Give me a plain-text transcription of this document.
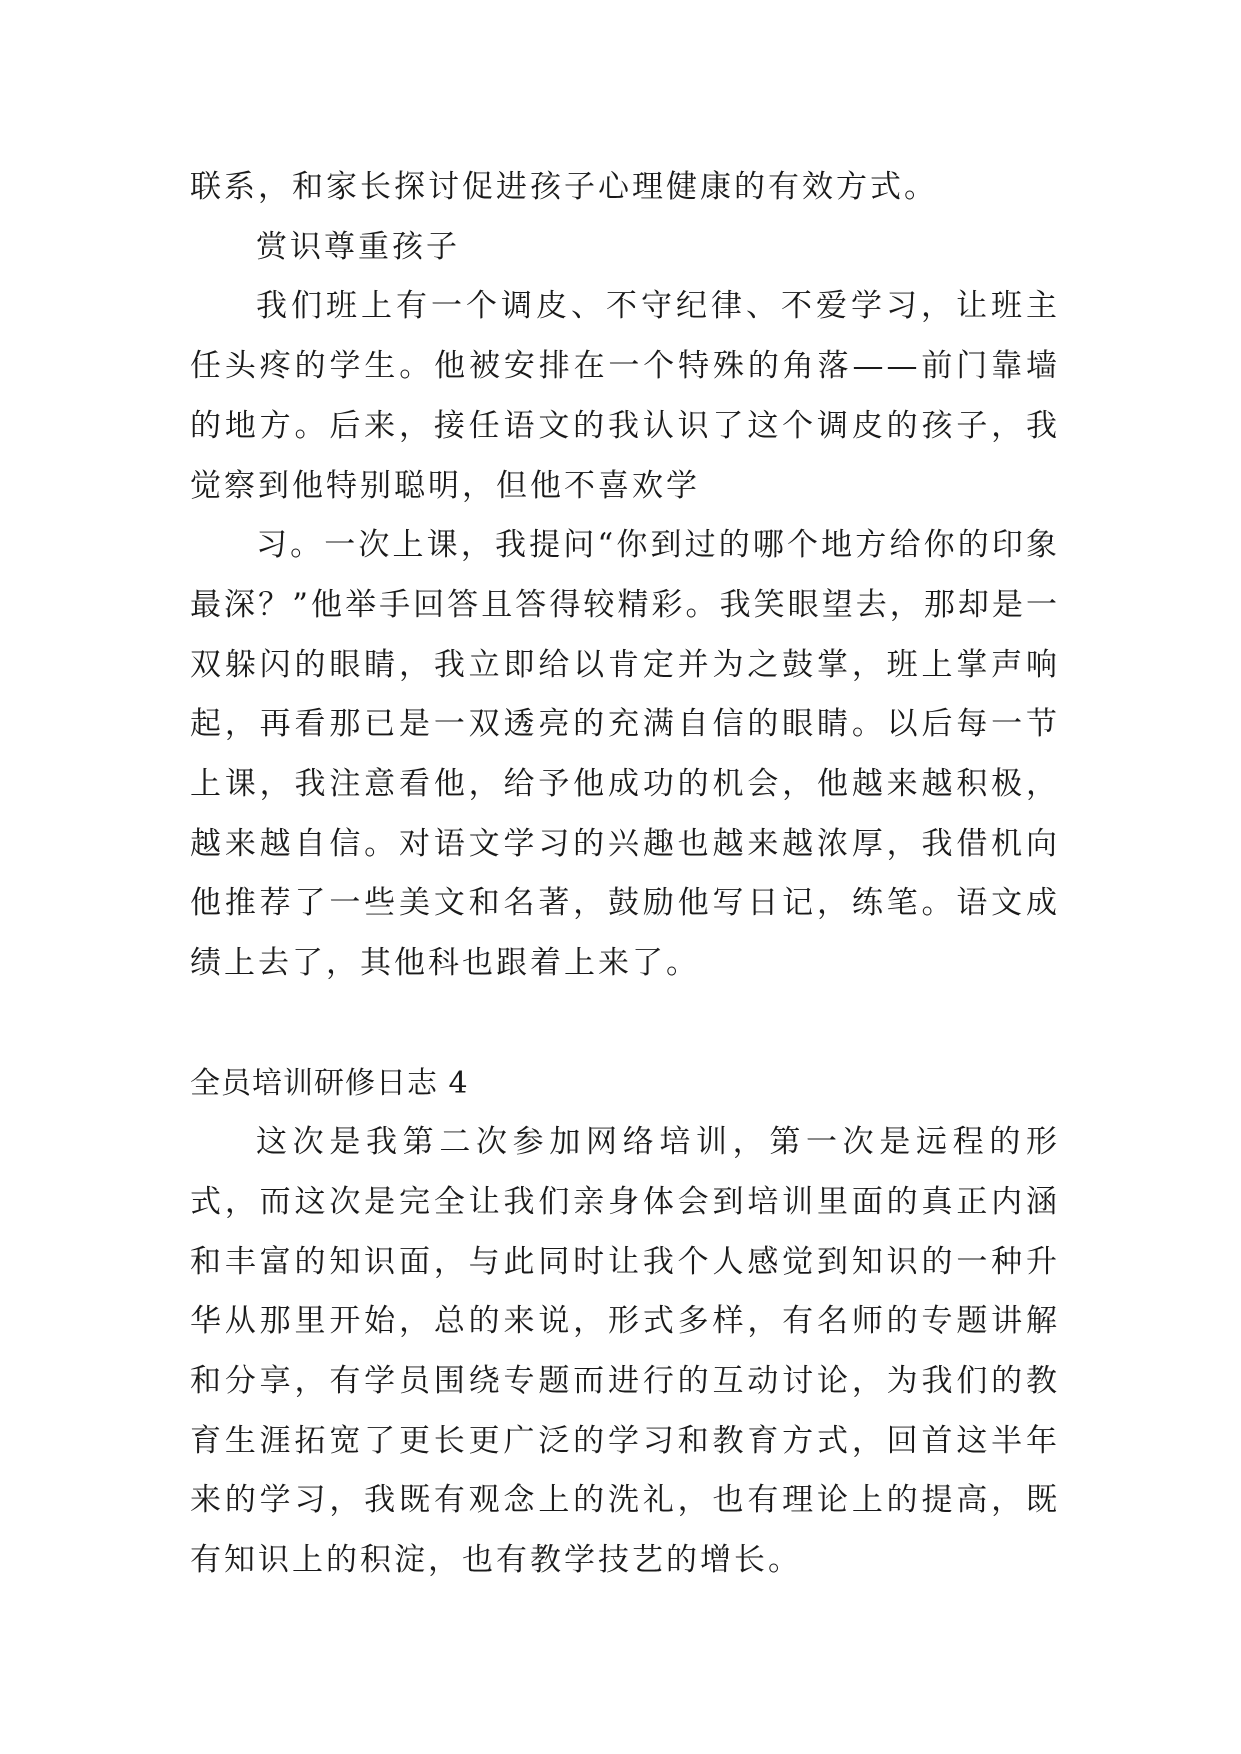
联系，和家长探讨促进孩子心理健康的有效方式。

赏识尊重孩子

我们班上有一个调皮、不守纪律、不爱学习，让班主任头疼的学生。他被安排在一个特殊的角落——前门靠墙的地方。后来，接任语文的我认识了这个调皮的孩子，我觉察到他特别聪明，但他不喜欢学

习。一次上课，我提问“你到过的哪个地方给你的印象最深？”他举手回答且答得较精彩。我笑眼望去，那却是一双躲闪的眼睛，我立即给以肯定并为之鼓掌，班上掌声响起，再看那已是一双透亮的充满自信的眼睛。以后每一节上课，我注意看他，给予他成功的机会，他越来越积极，越来越自信。对语文学习的兴趣也越来越浓厚，我借机向他推荐了一些美文和名著，鼓励他写日记，练笔。语文成绩上去了，其他科也跟着上来了。

全员培训研修日志 4

这次是我第二次参加网络培训，第一次是远程的形式，而这次是完全让我们亲身体会到培训里面的真正内涵和丰富的知识面，与此同时让我个人感觉到知识的一种升华从那里开始，总的来说，形式多样，有名师的专题讲解和分享，有学员围绕专题而进行的互动讨论，为我们的教育生涯拓宽了更长更广泛的学习和教育方式，回首这半年来的学习，我既有观念上的洗礼，也有理论上的提高，既有知识上的积淀，也有教学技艺的增长。
